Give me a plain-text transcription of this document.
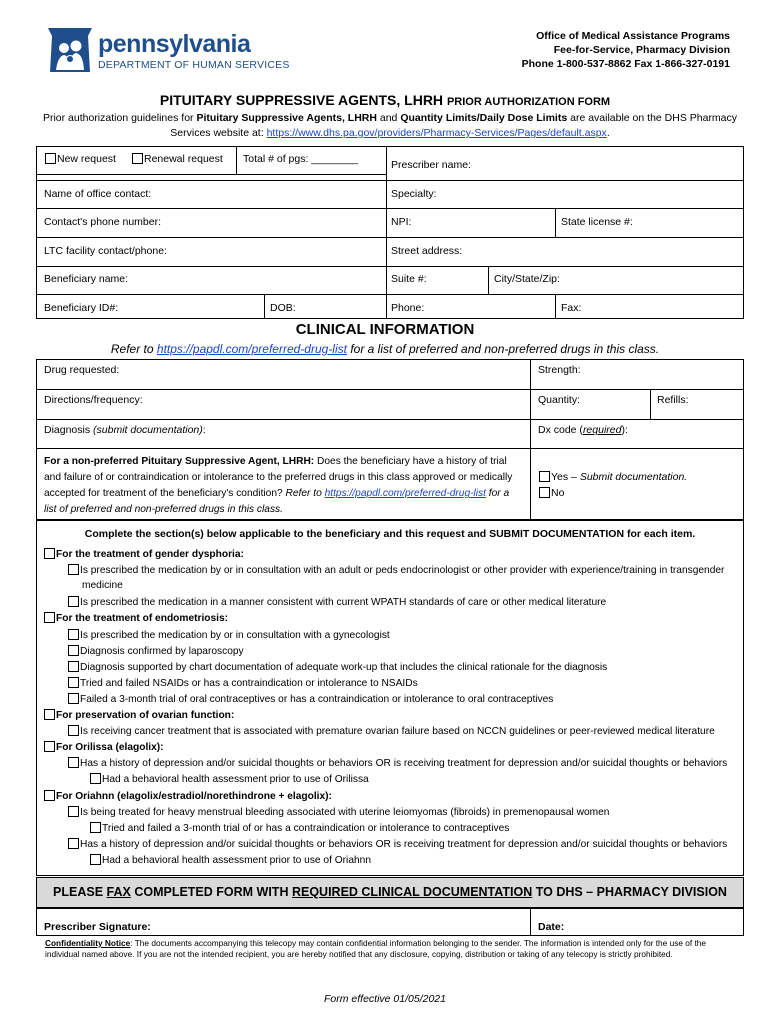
pennsylvania
DEPARTMENT OF HUMAN SERVICES
Office of Medical Assistance Programs
Fee-for-Service, Pharmacy Division
Phone 1-800-537-8862 Fax 1-866-327-0191
PITUITARY SUPPRESSIVE AGENTS, LHRH PRIOR AUTHORIZATION FORM
Prior authorization guidelines for Pituitary Suppressive Agents, LHRH and Quantity Limits/Daily Dose Limits are available on the DHS Pharmacy Services website at: https://www.dhs.pa.gov/providers/Pharmacy-Services/Pages/default.aspx.
New request	Renewal request Total # of pgs: ________	Prescriber name:
Name of office contact:	Specialty:
Contact's phone number:	NPI:	State license #:
LTC facility contact/phone:	Street address:
Beneficiary name:	Suite #:	City/State/Zip:
Beneficiary ID#:	DOB:	Phone:	Fax:
CLINICAL INFORMATION
Refer to https://papdl.com/preferred-drug-list for a list of preferred and non-preferred drugs in this class.
Drug requested:	Strength:
Directions/frequency:	Quantity:	Refills:
Diagnosis (submit documentation):	Dx code (required):
For a non-preferred Pituitary Suppressive Agent, LHRH: Does the beneficiary have a history of trial and failure of or contraindication or intolerance to the preferred drugs in this class approved or medically accepted for treatment of the beneficiary's condition? Refer to https://papdl.com/preferred-drug-list for a list of preferred and non-preferred drugs in this class.
Yes – Submit documentation.
No
Complete the section(s) below applicable to the beneficiary and this request and SUBMIT DOCUMENTATION for each item.
For the treatment of gender dysphoria:
Is prescribed the medication by or in consultation with an adult or peds endocrinologist or other provider with experience/training in transgender
medicine
Is prescribed the medication in a manner consistent with current WPATH standards of care or other medical literature
For the treatment of endometriosis:
Is prescribed the medication by or in consultation with a gynecologist
Diagnosis confirmed by laparoscopy
Diagnosis supported by chart documentation of adequate work-up that includes the clinical rationale for the diagnosis
Tried and failed NSAIDs or has a contraindication or intolerance to NSAIDs
Failed a 3-month trial of oral contraceptives or has a contraindication or intolerance to oral contraceptives
For preservation of ovarian function:
Is receiving cancer treatment that is associated with premature ovarian failure based on NCCN guidelines or peer-reviewed medical literature
For Orilissa (elagolix):
Has a history of depression and/or suicidal thoughts or behaviors OR is receiving treatment for depression and/or suicidal thoughts or behaviors
Had a behavioral health assessment prior to use of Orilissa
For Oriahnn (elagolix/estradiol/norethindrone + elagolix):
Is being treated for heavy menstrual bleeding associated with uterine leiomyomas (fibroids) in premenopausal women
Tried and failed a 3-month trial of or has a contraindication or intolerance to contraceptives
Has a history of depression and/or suicidal thoughts or behaviors OR is receiving treatment for depression and/or suicidal thoughts or behaviors
Had a behavioral health assessment prior to use of Oriahnn
PLEASE FAX COMPLETED FORM WITH REQUIRED CLINICAL DOCUMENTATION TO DHS – PHARMACY DIVISION
Prescriber Signature:	Date:
Confidentiality Notice: The documents accompanying this telecopy may contain confidential information belonging to the sender. The information is intended only for the use of the individual named above. If you are not the intended recipient, you are hereby notified that any disclosure, copying, distribution or taking of any telecopy is strictly prohibited.
Form effective 01/05/2021
